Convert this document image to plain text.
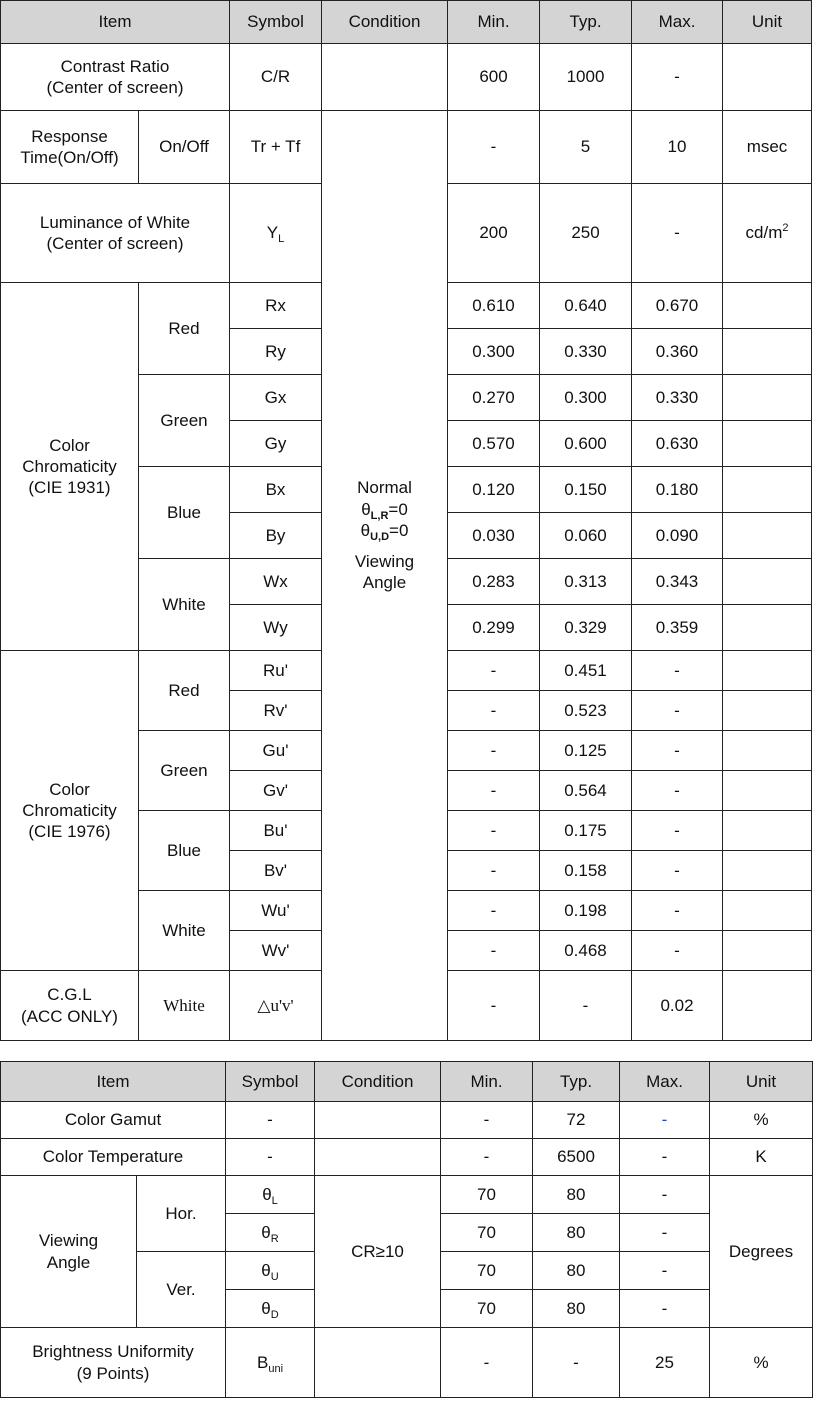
Item		Symbol	Condition	Min.	Typ.	Max.	Unit
Contrast Ratio
(Center of screen)		C/R		600	1000	-	
Response
Time(On/Off)	On/Off	Tr + Tf	Normal
$\theta_{L,R}=0$
$\theta_{U,D}=0$

Viewing
Angle	-	5	10	msec
Luminance of White
(Center of screen)		$Y_L$		200	250	-	$cd/m^2$
Color
Chromaticity
(CIE 1931)	Red	Rx		0.610	0.640	0.670	
		Ry		0.300	0.330	0.360	
	Green	Gx		0.270	0.300	0.330	
		Gy		0.570	0.600	0.630	
	Blue	Bx		0.120	0.150	0.180	
		By		0.030	0.060	0.090	
	White	Wx		0.283	0.313	0.343	
		Wy		0.299	0.329	0.359	
Color
Chromaticity
(CIE 1976)	Red	Ru'		-	0.451	-	
		Rv'		-	0.523	-	
	Green	Gu'		-	0.125	-	
		Gv'		-	0.564	-	
	Blue	Bu'		-	0.175	-	
		Bv'		-	0.158	-	
	White	Wu'		-	0.198	-	
		Wv'		-	0.468	-	
C.G.L
(ACC ONLY)	White	△u'v'		-	-	0.02	
Item		Symbol	Condition	Min.	Typ.	Max.	Unit
Color Gamut		-		-	72	-	%
Color Temperature		-		-	6500	-	K
Viewing
Angle	Hor.	$\theta_L$	CR≥10	70	80	-	Degrees
		$\theta_R$		70	80	-	
	Ver.	$\theta_U$		70	80	-	
		$\theta_D$		70	80	-	
Brightness Uniformity
(9 Points)		$B_{uni}$		-	-	25	%
